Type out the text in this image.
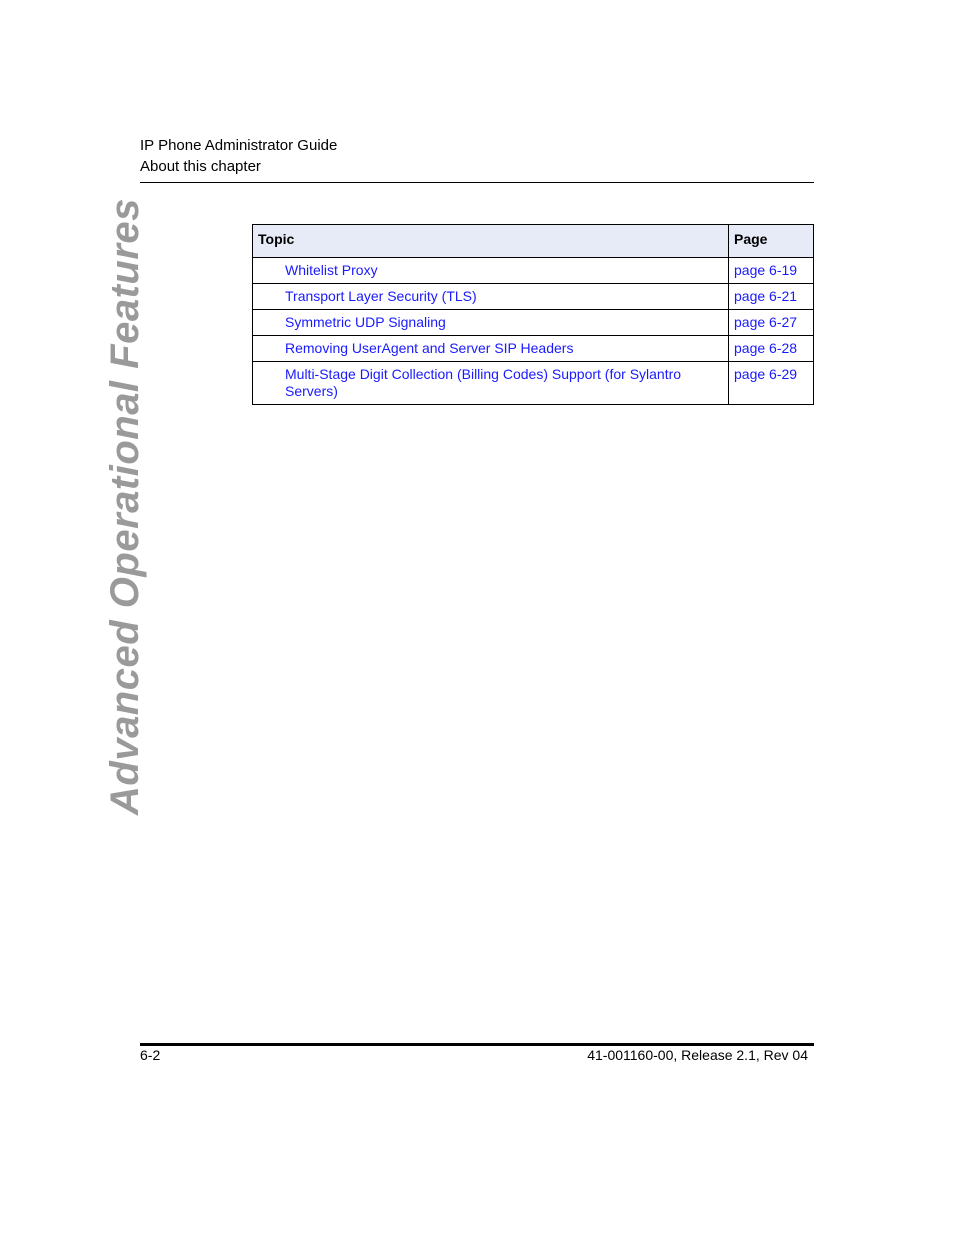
IP Phone Administrator Guide
About this chapter
Advanced Operational Features	Topic	Page
Whitelist Proxy	page 6-19
Transport Layer Security (TLS)	page 6-21
Symmetric UDP Signaling	page 6-27
Removing UserAgent and Server SIP Headers	page 6-28
Multi-Stage Digit Collection (Billing Codes) Support (for Sylantro Servers)	page 6-29
6-2	41-001160-00, Release 2.1, Rev 04
